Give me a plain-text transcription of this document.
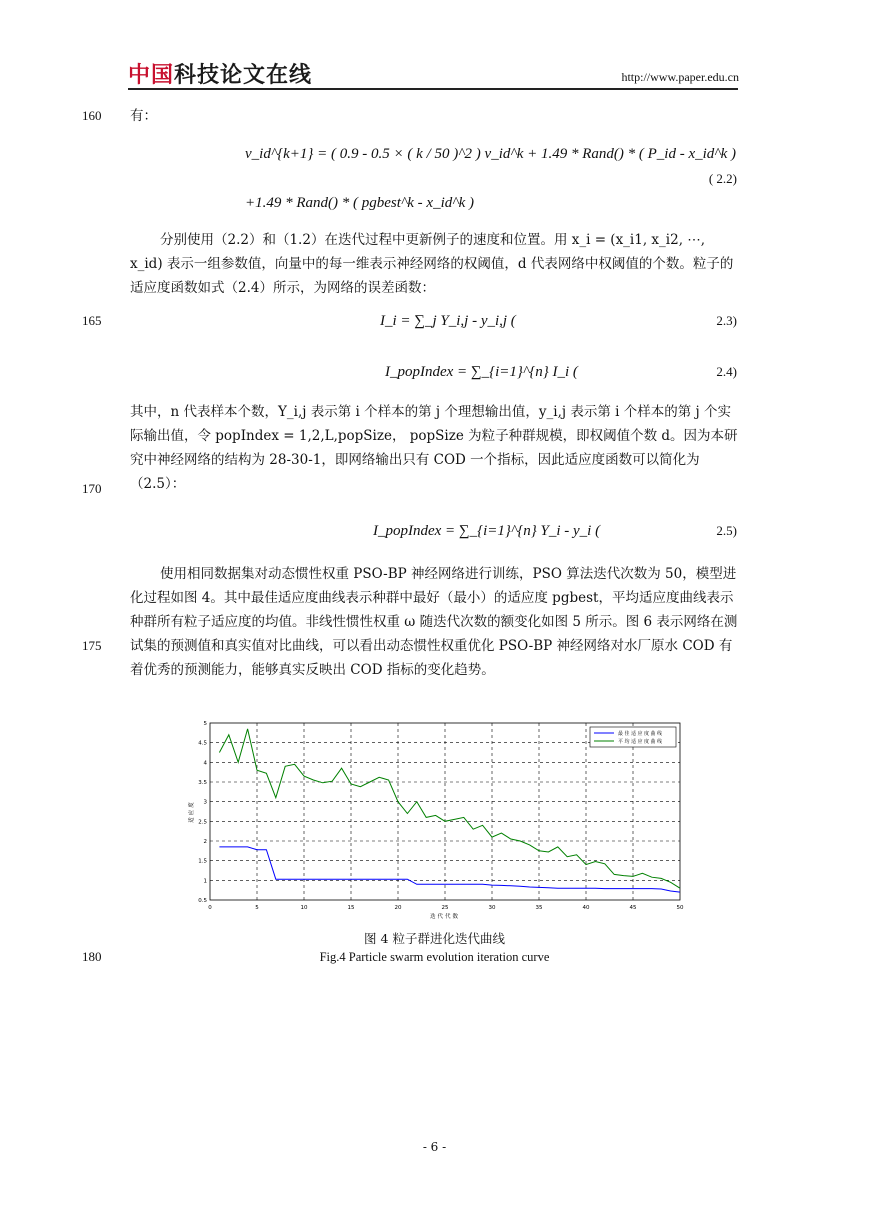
中国科技论文在线	http://www.paper.edu.cn
160
165
170
175
180
有：
v_id^{k+1} = ( 0.9 - 0.5 × ( k / 50 )^2 ) v_id^k + 1.49 * Rand() * ( P_id - x_id^k )
( 2.2)
+1.49 * Rand() * ( pgbest^k - x_id^k )
分别使用（2.2）和（1.2）在迭代过程中更新例子的速度和位置。用 x_i = (x_i1, x_i2, ⋯, x_id) 表示一组参数值，向量中的每一维表示神经网络的权阈值，d 代表网络中权阈值的个数。粒子的适应度函数如式（2.4）所示，为网络的误差函数：
I_i = ∑_j Y_i,j - y_i,j (	2.3)
I_popIndex = ∑_{i=1}^{n} I_i (	2.4)
其中，n 代表样本个数，Y_i,j 表示第 i 个样本的第 j 个理想输出值，y_i,j 表示第 i 个样本的第 j 个实际输出值，令 popIndex = 1,2,L,popSize， popSize 为粒子种群规模，即权阈值个数 d。因为本研究中神经网络的结构为 28-30-1，即网络输出只有 COD 一个指标，因此适应度函数可以简化为（2.5）：
I_popIndex = ∑_{i=1}^{n} Y_i - y_i (	2.5)
使用相同数据集对动态惯性权重 PSO-BP 神经网络进行训练，PSO 算法迭代次数为 50，模型进化过程如图 4。其中最佳适应度曲线表示种群中最好（最小）的适应度 pgbest，平均适应度曲线表示种群所有粒子适应度的均值。非线性惯性权重 ω 随迭代次数的额变化如图 5 所示。图 6 表示网络在测试集的预测值和真实值对比曲线，可以看出动态惯性权重优化 PSO-BP 神经网络对水厂原水 COD 有着优秀的预测能力，能够真实反映出 COD 指标的变化趋势。
0	5	10	15	20	25	30	35	40	45	50
0.5
1
1.5
2
2.5
3
3.5
4
4.5
5
迭代代数
适应度
最佳适应度曲线
平均适应度曲线
图 4 粒子群进化迭代曲线
Fig.4 Particle swarm evolution iteration curve
- 6 -
